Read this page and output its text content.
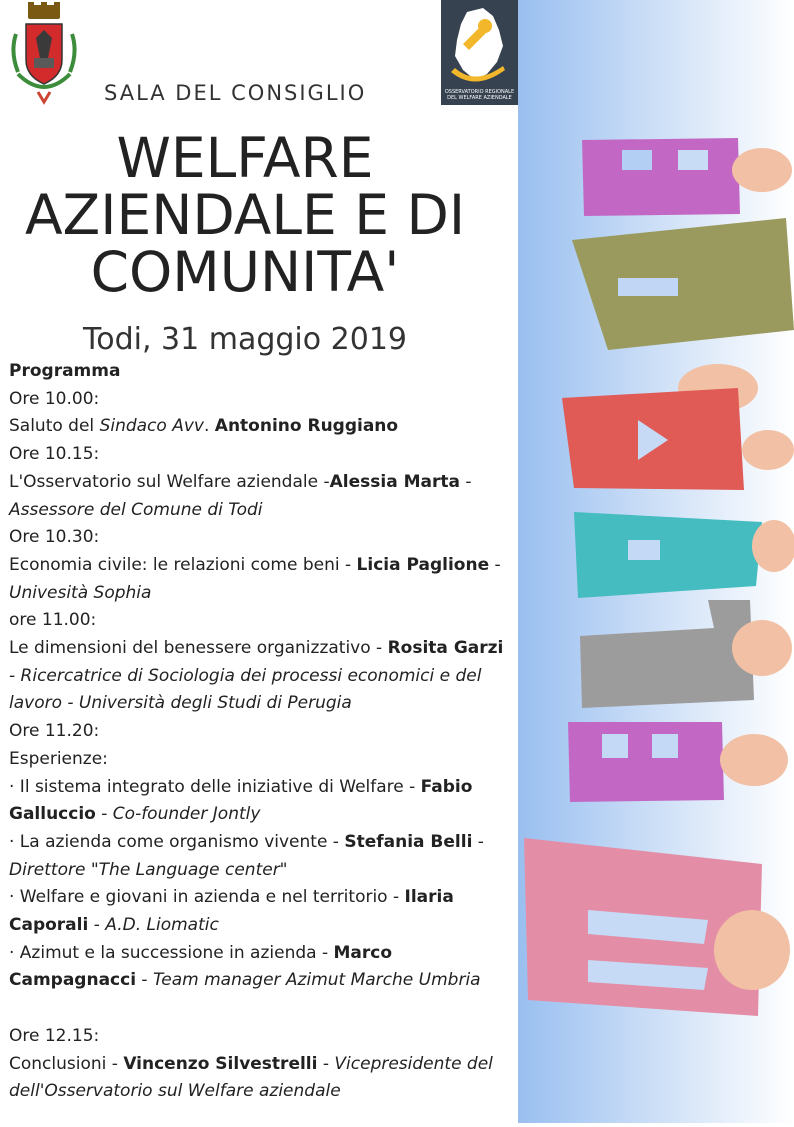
SALA DEL CONSIGLIO	OSSERVATORIO REGIONALE
DEL WELFARE AZIENDALE
WELFARE
AZIENDALE E DI
COMUNITA'
Todi, 31 maggio 2019
Programma
Ore 10.00:
Saluto del Sindaco Avv. Antonino Ruggiano
Ore 10.15:
L'Osservatorio sul Welfare aziendale -Alessia Marta -
Assessore del Comune di Todi
Ore 10.30:
Economia civile: le relazioni come beni - Licia Paglione -
Univesità Sophia
ore 11.00:
Le dimensioni del benessere organizzativo - Rosita Garzi
- Ricercatrice di Sociologia dei processi economici e del
lavoro - Università degli Studi di Perugia
Ore 11.20:
Esperienze:
· Il sistema integrato delle iniziative di Welfare - Fabio
Galluccio - Co-founder Jontly
· La azienda come organismo vivente - Stefania Belli -
Direttore "The Language center"
· Welfare e giovani in azienda e nel territorio - Ilaria
Caporali - A.D. Liomatic
· Azimut e la successione in azienda - Marco
Campagnacci - Team manager Azimut Marche Umbria
Ore 12.15:
Conclusioni - Vincenzo Silvestrelli - Vicepresidente del
dell'Osservatorio sul Welfare aziendale
